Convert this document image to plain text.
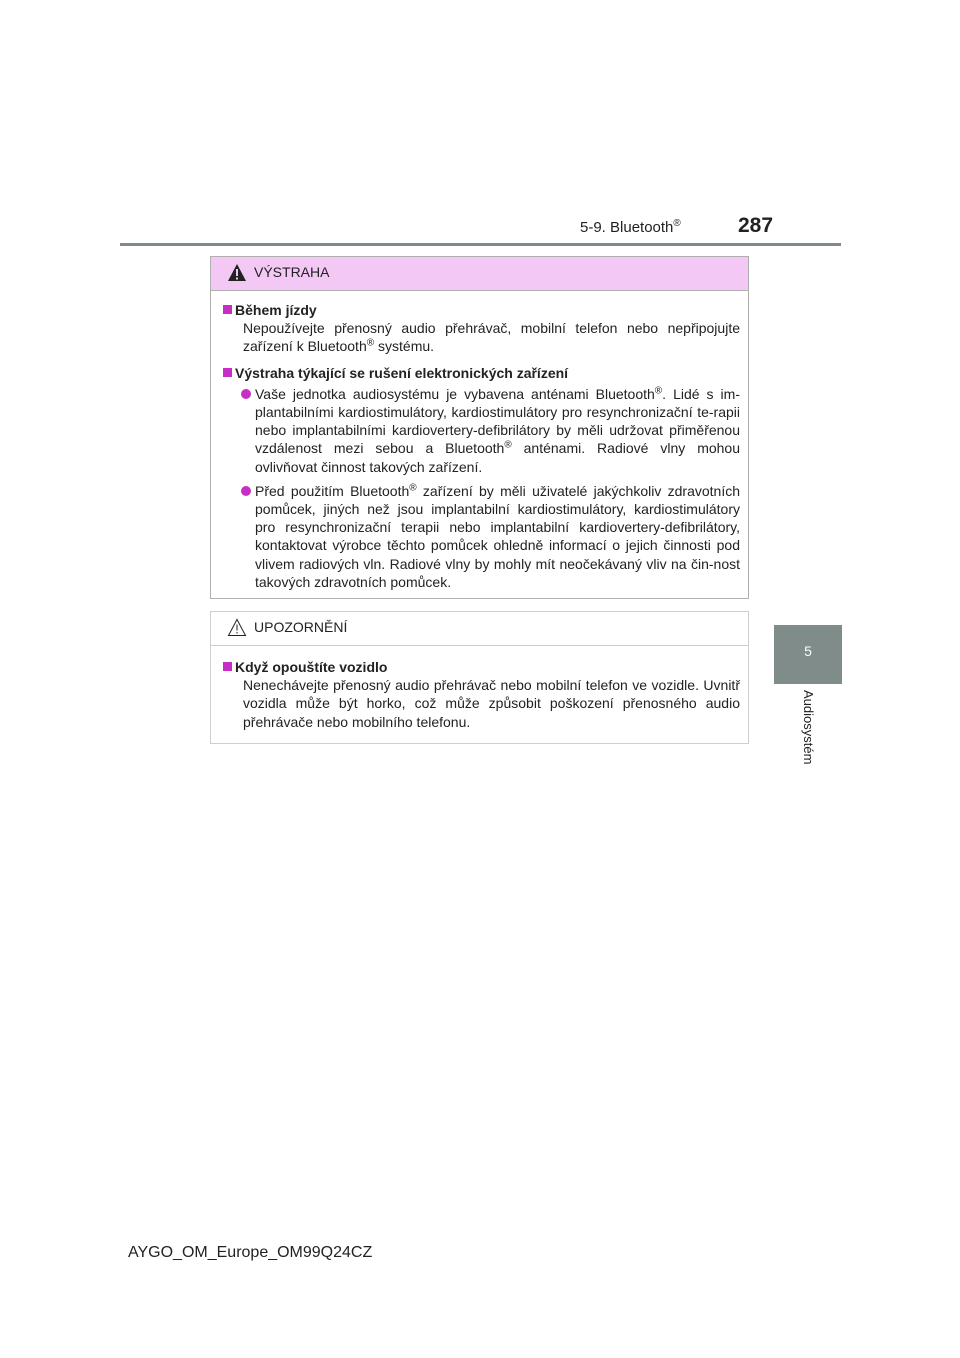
5-9. Bluetooth®	287
5
Audiosystém
VÝSTRAHA
Během jízdy
Nepoužívejte přenosný audio přehrávač, mobilní telefon nebo nepřipojujte zařízení k Bluetooth® systému.
Výstraha týkající se rušení elektronických zařízení
Vaše jednotka audiosystému je vybavena anténami Bluetooth®. Lidé s im-plantabilními kardiostimulátory, kardiostimulátory pro resynchronizační te-rapii nebo implantabilními kardiovertery-defibrilátory by měli udržovat přiměřenou vzdálenost mezi sebou a Bluetooth® anténami. Radiové vlny mohou ovlivňovat činnost takových zařízení.
Před použitím Bluetooth® zařízení by měli uživatelé jakýchkoliv zdravotních pomůcek, jiných než jsou implantabilní kardiostimulátory, kardiostimulátory pro resynchronizační terapii nebo implantabilní kardiovertery-defibrilátory, kontaktovat výrobce těchto pomůcek ohledně informací o jejich činnosti pod vlivem radiových vln. Radiové vlny by mohly mít neočekávaný vliv na čin-nost takových zdravotních pomůcek.
UPOZORNĚNÍ
Když opouštíte vozidlo
Nenechávejte přenosný audio přehrávač nebo mobilní telefon ve vozidle. Uvnitř vozidla může být horko, což může způsobit poškození přenosného audio přehrávače nebo mobilního telefonu.
AYGO_OM_Europe_OM99Q24CZ
